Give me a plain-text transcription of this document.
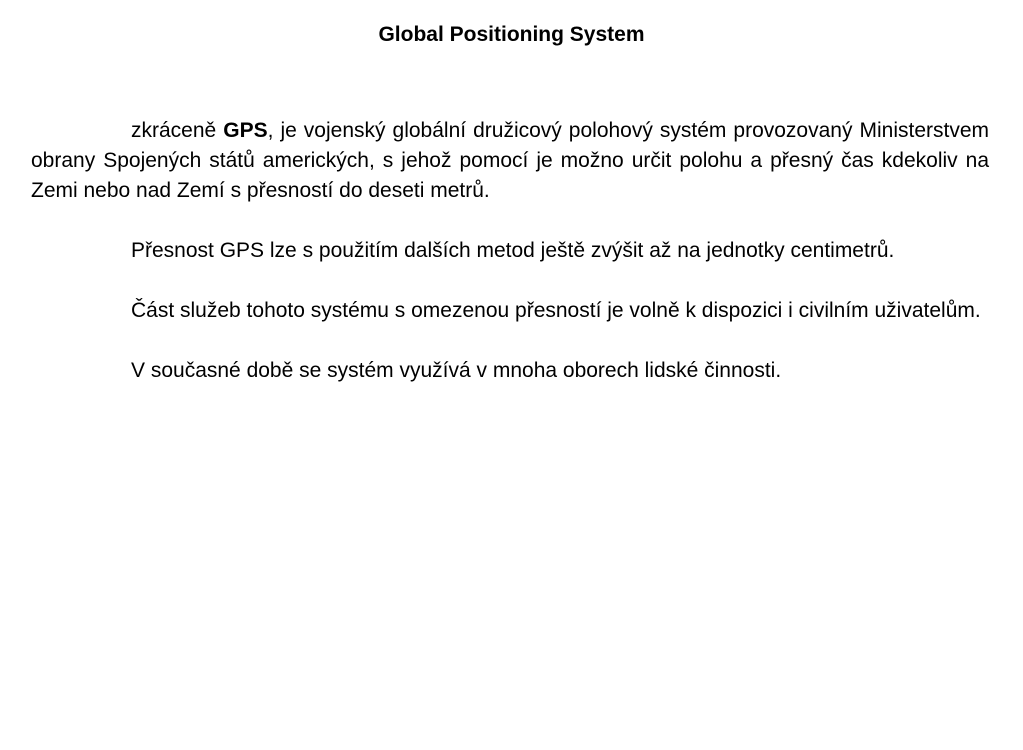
Global Positioning System

zkráceně GPS, je vojenský globální družicový polohový systém provozovaný Ministerstvem obrany Spojených států amerických, s jehož pomocí je možno určit polohu a přesný čas kdekoliv na Zemi nebo nad Zemí s přesností do deseti metrů.

Přesnost GPS lze s použitím dalších metod ještě zvýšit až na jednotky centimetrů.

Část služeb tohoto systému s omezenou přesností je volně k dispozici i civilním uživatelům.

V současné době se systém využívá v mnoha oborech lidské činnosti.
